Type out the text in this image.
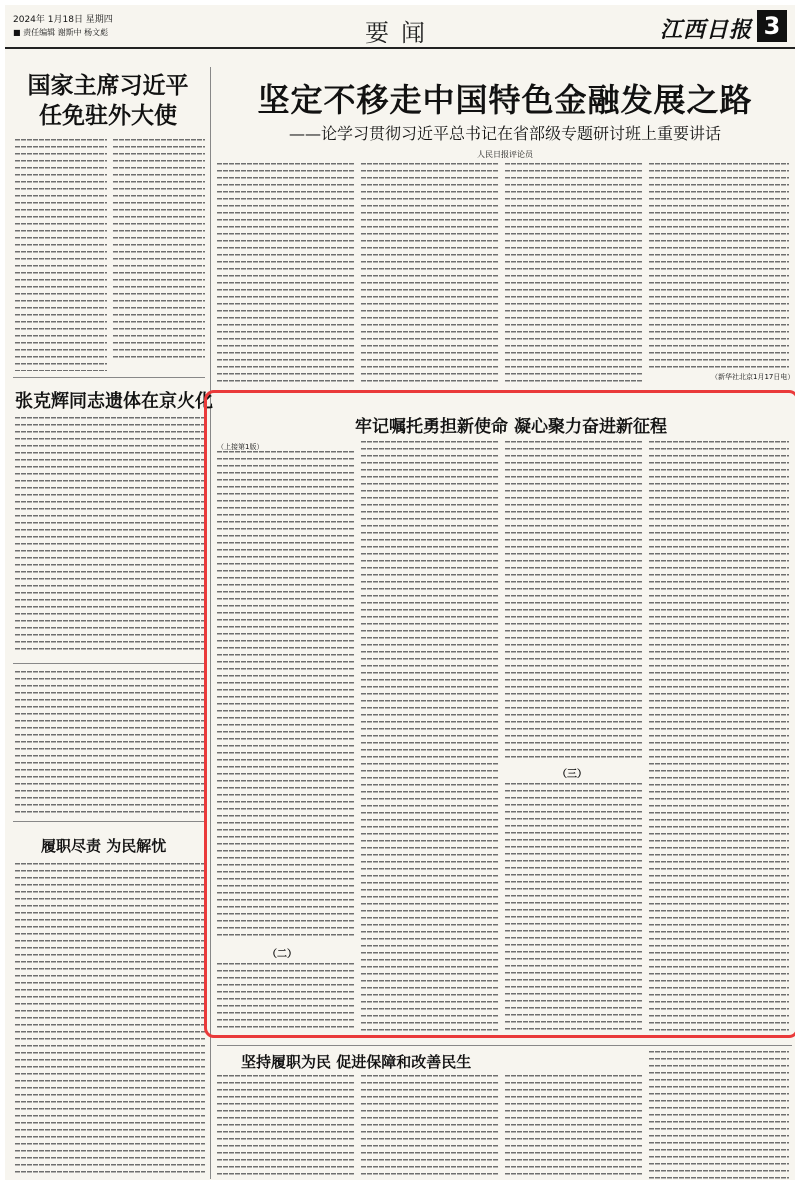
2024年 1月18日 星期四
■ 责任编辑 谢斯中 杨文彪	要闻	江西日报 3
国家主席习近平
任免驻外大使
张克辉同志遗体在京火化
履职尽责 为民解忧
坚定不移走中国特色金融发展之路
——论学习贯彻习近平总书记在省部级专题研讨班上重要讲话
人民日报评论员
（新华社北京1月17日电）
牢记嘱托勇担新使命 凝心聚力奋进新征程
（上接第1版）
（二）
（三）
坚持履职为民 促进保障和改善民生
